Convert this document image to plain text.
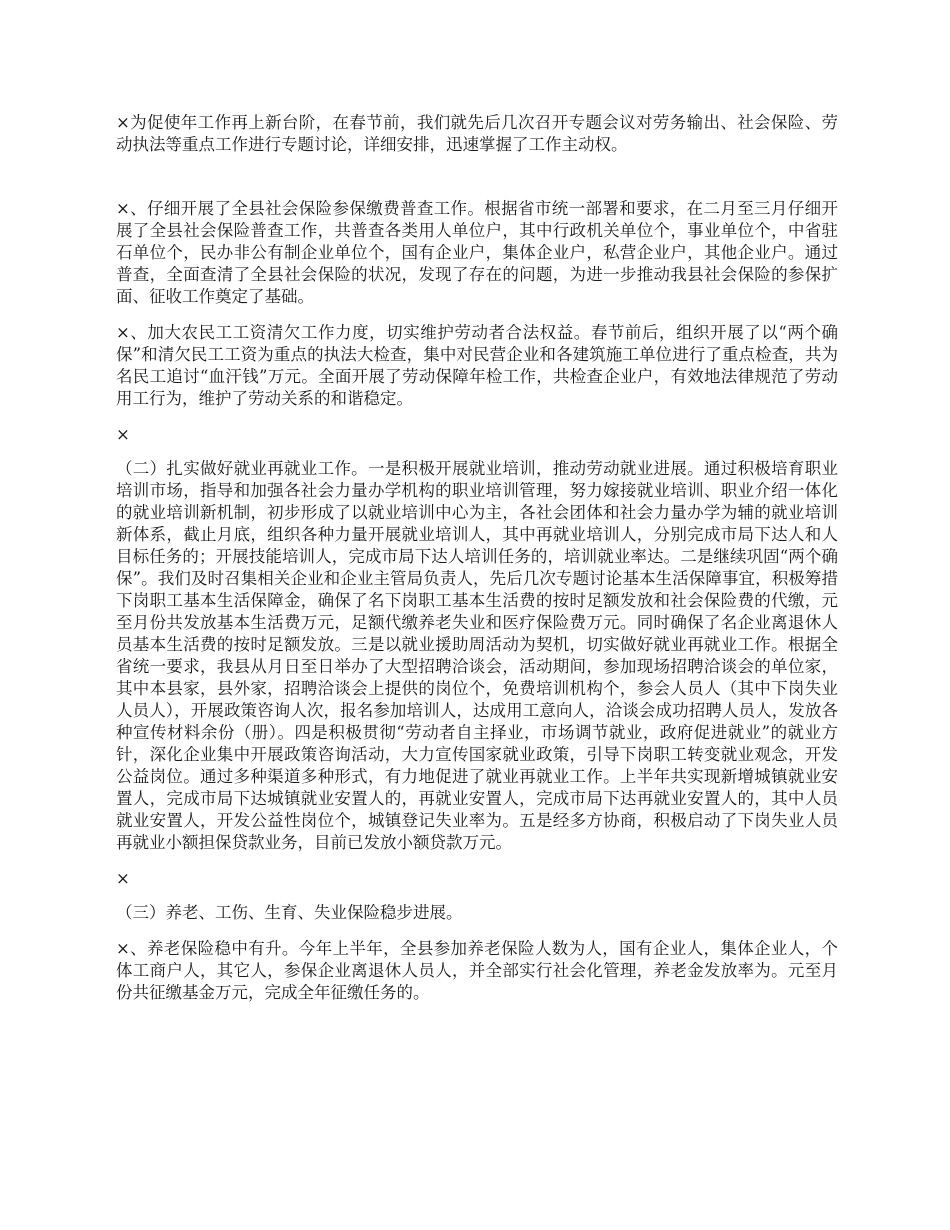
×为促使年工作再上新台阶，在春节前，我们就先后几次召开专题会议对劳务输出、社会保险、劳动执法等重点工作进行专题讨论，详细安排，迅速掌握了工作主动权。

×、仔细开展了全县社会保险参保缴费普查工作。根据省市统一部署和要求，在二月至三月仔细开展了全县社会保险普查工作，共普查各类用人单位户，其中行政机关单位个，事业单位个，中省驻石单位个，民办非公有制企业单位个，国有企业户，集体企业户，私营企业户，其他企业户。通过普查，全面查清了全县社会保险的状况，发现了存在的问题，为进一步推动我县社会保险的参保扩面、征收工作奠定了基础。

×、加大农民工工资清欠工作力度，切实维护劳动者合法权益。春节前后，组织开展了以“两个确保”和清欠民工工资为重点的执法大检查，集中对民营企业和各建筑施工单位进行了重点检查，共为名民工追讨“血汗钱”万元。全面开展了劳动保障年检工作，共检查企业户，有效地法律规范了劳动用工行为，维护了劳动关系的和谐稳定。

×

（二）扎实做好就业再就业工作。一是积极开展就业培训，推动劳动就业进展。通过积极培育职业培训市场，指导和加强各社会力量办学机构的职业培训管理，努力嫁接就业培训、职业介绍一体化的就业培训新机制，初步形成了以就业培训中心为主，各社会团体和社会力量办学为辅的就业培训新体系，截止月底，组织各种力量开展就业培训人，其中再就业培训人，分别完成市局下达人和人目标任务的；开展技能培训人，完成市局下达人培训任务的，培训就业率达。二是继续巩固“两个确保”。我们及时召集相关企业和企业主管局负责人，先后几次专题讨论基本生活保障事宜，积极筹措下岗职工基本生活保障金，确保了名下岗职工基本生活费的按时足额发放和社会保险费的代缴，元至月份共发放基本生活费万元，足额代缴养老失业和医疗保险费万元。同时确保了名企业离退休人员基本生活费的按时足额发放。三是以就业援助周活动为契机，切实做好就业再就业工作。根据全省统一要求，我县从月日至日举办了大型招聘洽谈会，活动期间，参加现场招聘洽谈会的单位家，其中本县家，县外家，招聘洽谈会上提供的岗位个，免费培训机构个，参会人员人（其中下岗失业人员人），开展政策咨询人次，报名参加培训人，达成用工意向人，洽谈会成功招聘人员人，发放各种宣传材料余份（册）。四是积极贯彻“劳动者自主择业，市场调节就业，政府促进就业”的就业方针，深化企业集中开展政策咨询活动，大力宣传国家就业政策，引导下岗职工转变就业观念，开发公益岗位。通过多种渠道多种形式，有力地促进了就业再就业工作。上半年共实现新增城镇就业安置人，完成市局下达城镇就业安置人的，再就业安置人，完成市局下达再就业安置人的，其中人员就业安置人，开发公益性岗位个，城镇登记失业率为。五是经多方协商，积极启动了下岗失业人员再就业小额担保贷款业务，目前已发放小额贷款万元。

×

（三）养老、工伤、生育、失业保险稳步进展。

×、养老保险稳中有升。今年上半年，全县参加养老保险人数为人，国有企业人，集体企业人，个体工商户人，其它人，参保企业离退休人员人，并全部实行社会化管理，养老金发放率为。元至月份共征缴基金万元，完成全年征缴任务的。
